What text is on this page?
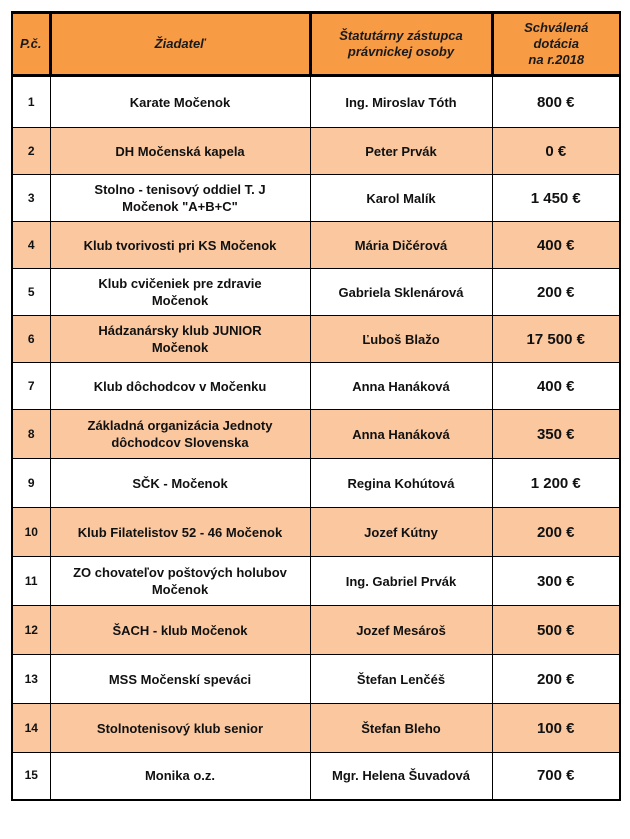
P.č.	Žiadateľ	Štatutárny zástupca
právnickej osoby	Schválená
dotácia
na r.2018
1	Karate Močenok	Ing. Miroslav Tóth	800 €
2	DH Močenská kapela	Peter Prvák	0 €
3	Stolno - tenisový oddiel T. J
Močenok "A+B+C"	Karol Malík	1 450 €
4	Klub tvorivosti pri KS Močenok	Mária Dičérová	400 €
5	Klub cvičeniek pre zdravie
Močenok	Gabriela Sklenárová	200 €
6	Hádzanársky klub JUNIOR
Močenok	Ľuboš Blažo	17 500 €
7	Klub dôchodcov v Močenku	Anna Hanáková	400 €
8	Základná organizácia Jednoty
dôchodcov Slovenska	Anna Hanáková	350 €
9	SČK - Močenok	Regina Kohútová	1 200 €
10	Klub Filatelistov 52 - 46 Močenok	Jozef Kútny	200 €
11	ZO chovateľov poštových holubov
Močenok	Ing. Gabriel Prvák	300 €
12	ŠACH - klub Močenok	Jozef Mesároš	500 €
13	MSS Močenskí speváci	Štefan Lenčéš	200 €
14	Stolnotenisový klub senior	Štefan Bleho	100 €
15	Monika o.z.	Mgr. Helena Šuvadová	700 €
